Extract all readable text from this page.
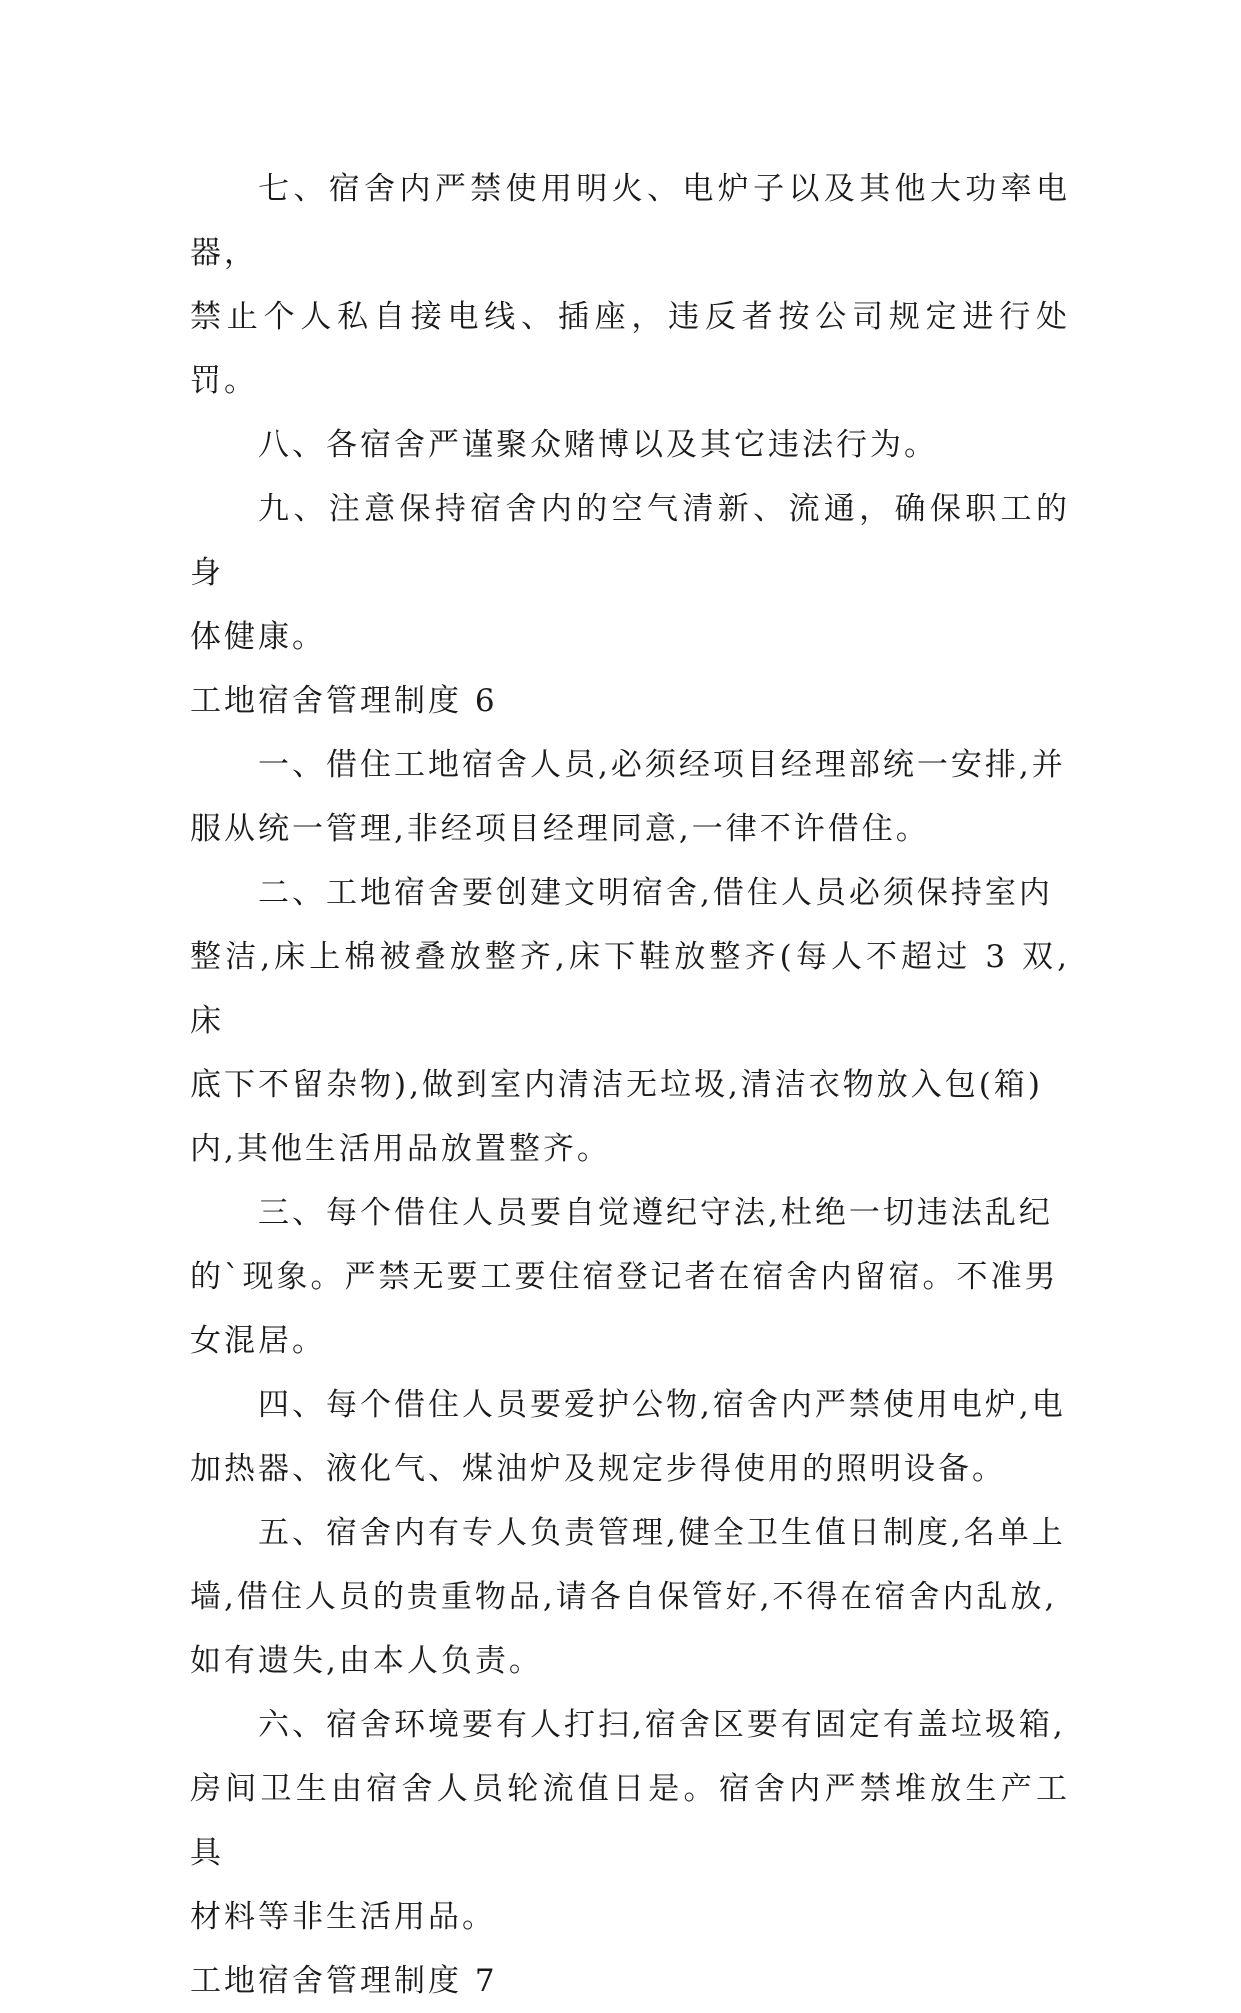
七、宿舍内严禁使用明火、电炉子以及其他大功率电器，
禁止个人私自接电线、插座，违反者按公司规定进行处罚。
八、各宿舍严谨聚众赌博以及其它违法行为。
九、注意保持宿舍内的空气清新、流通，确保职工的身
体健康。
工地宿舍管理制度 6
一、借住工地宿舍人员,必须经项目经理部统一安排,并
服从统一管理,非经项目经理同意,一律不许借住。
二、工地宿舍要创建文明宿舍,借住人员必须保持室内
整洁,床上棉被叠放整齐,床下鞋放整齐(每人不超过 3 双,床
底下不留杂物),做到室内清洁无垃圾,清洁衣物放入包(箱)
内,其他生活用品放置整齐。
三、每个借住人员要自觉遵纪守法,杜绝一切违法乱纪
的`现象。严禁无要工要住宿登记者在宿舍内留宿。不准男
女混居。
四、每个借住人员要爱护公物,宿舍内严禁使用电炉,电
加热器、液化气、煤油炉及规定步得使用的照明设备。
五、宿舍内有专人负责管理,健全卫生值日制度,名单上
墙,借住人员的贵重物品,请各自保管好,不得在宿舍内乱放,
如有遗失,由本人负责。
六、宿舍环境要有人打扫,宿舍区要有固定有盖垃圾箱,
房间卫生由宿舍人员轮流值日是。宿舍内严禁堆放生产工具
材料等非生活用品。
工地宿舍管理制度 7
